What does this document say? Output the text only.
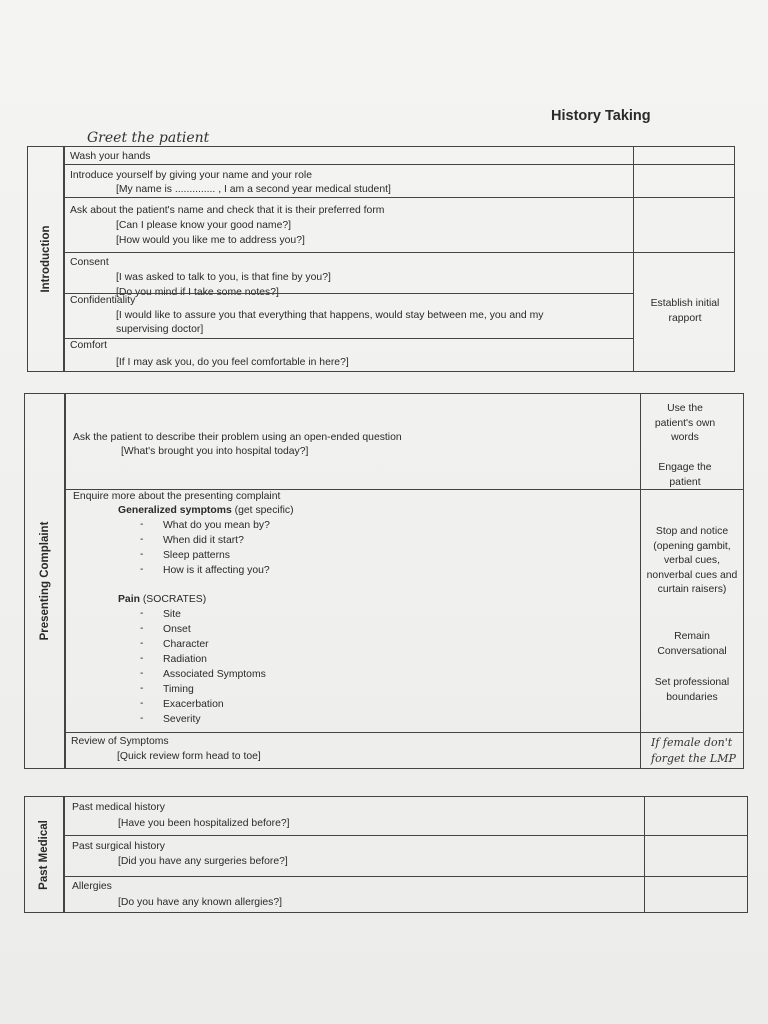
History Taking
Greet the patient
Introduction
Wash your hands
Introduce yourself by giving your name and your role
[My name is .............. , I am a second year medical student]
Ask about the patient's name and check that it is their preferred form
[Can I please know your good name?]
[How would you like me to address you?]
Consent
[I was asked to talk to you, is that fine by you?]
[Do you mind if I take some notes?]
Confidentiality
[I would like to assure you that everything that happens, would stay between me, you and my
supervising doctor]
Comfort
[If I may ask you, do you feel comfortable in here?]
Establish initial rapport
Presenting Complaint
Ask the patient to describe their problem using an open-ended question
[What's brought you into hospital today?]
Use the patient's own words
Engage the patient
Enquire more about the presenting complaint
Generalized symptoms (get specific)
- What do you mean by?
- When did it start?
- Sleep patterns
- How is it affecting you?
Pain (SOCRATES)
- Site
- Onset
- Character
- Radiation
- Associated Symptoms
- Timing
- Exacerbation
- Severity
Stop and notice (opening gambit, verbal cues, nonverbal cues and curtain raisers)
Remain Conversational
Set professional boundaries
Review of Symptoms
[Quick review form head to toe]
If female don't
forget the LMP
Past Medical
Past medical history
[Have you been hospitalized before?]
Past surgical history
[Did you have any surgeries before?]
Allergies
[Do you have any known allergies?]
